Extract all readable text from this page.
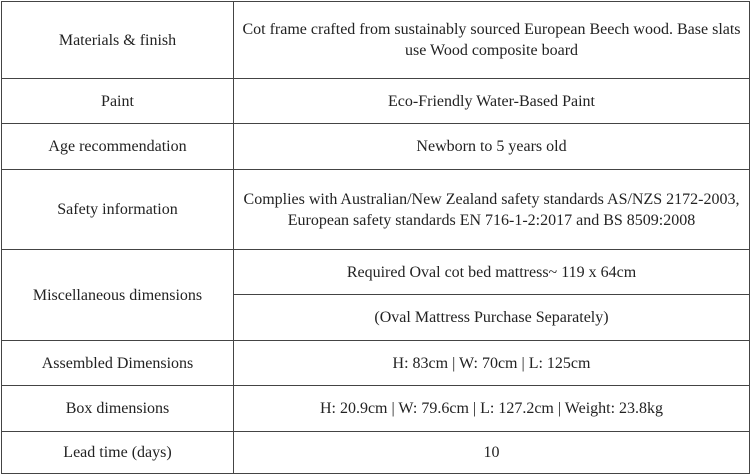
Materials & finish	Cot frame crafted from sustainably sourced European Beech wood. Base slats use Wood composite board
Paint	Eco-Friendly Water-Based Paint
Age recommendation	Newborn to 5 years old
Safety information	Complies with Australian/New Zealand safety standards AS/NZS 2172-2003, European safety standards EN 716-1-2:2017 and BS 8509:2008
Miscellaneous dimensions	Required Oval cot bed mattress~ 119 x 64cm
	(Oval Mattress Purchase Separately)
Assembled Dimensions	H: 83cm | W: 70cm | L: 125cm
Box dimensions	H: 20.9cm | W: 79.6cm | L: 127.2cm | Weight: 23.8kg
Lead time (days)	10
